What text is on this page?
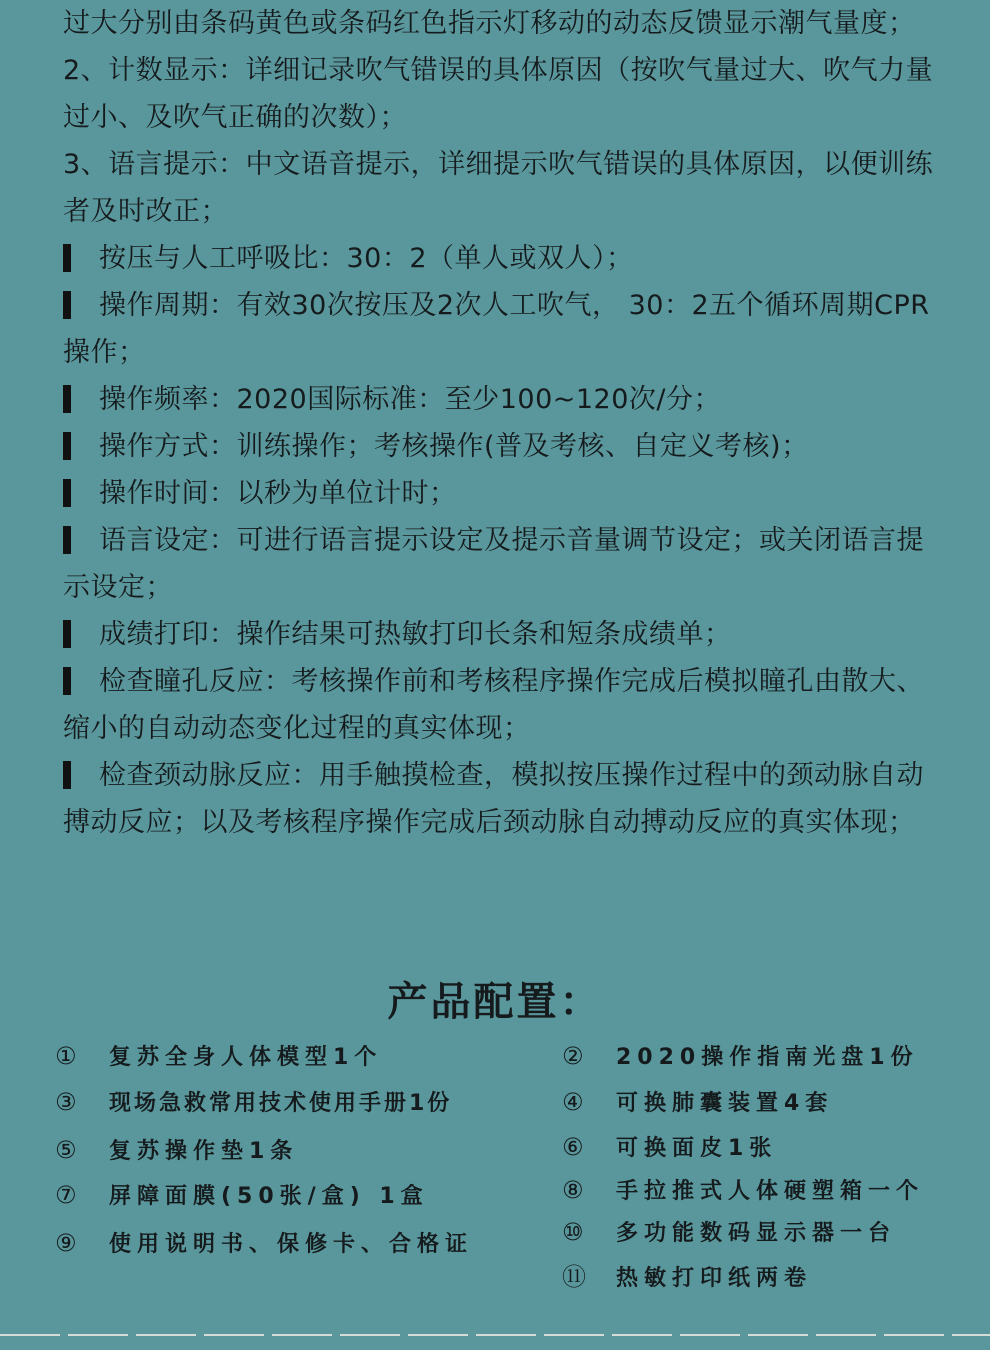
过大分别由条码黄色或条码红色指示灯移动的动态反馈显示潮气量度；

2、计数显示：详细记录吹气错误的具体原因（按吹气量过大、吹气力量过小、及吹气正确的次数）；

3、语言提示：中文语音提示，详细提示吹气错误的具体原因，以便训练者及时改正；

按压与人工呼吸比：30：2（单人或双人）；

操作周期：有效30次按压及2次人工吹气， 30：2五个循环周期CPR操作；

操作频率：2020国际标准：至少100~120次/分；

操作方式：训练操作；考核操作(普及考核、自定义考核)；

操作时间：以秒为单位计时；

语言设定：可进行语言提示设定及提示音量调节设定；或关闭语言提示设定；

成绩打印：操作结果可热敏打印长条和短条成绩单；

检查瞳孔反应：考核操作前和考核程序操作完成后模拟瞳孔由散大、缩小的自动动态变化过程的真实体现；

检查颈动脉反应：用手触摸检查，模拟按压操作过程中的颈动脉自动搏动反应；以及考核程序操作完成后颈动脉自动搏动反应的真实体现；

产品配置：

① 复苏全身人体模型1个	② 2020操作指南光盘1份

③ 现场急救常用技术使用手册1份	④ 可换肺囊装置4套

⑤ 复苏操作垫1条	⑥ 可换面皮1张

⑦ 屏障面膜(50张/盒) 1盒	⑧ 手拉推式人体硬塑箱一个

⑨ 使用说明书、保修卡、合格证	⑩ 多功能数码显示器一台

⑪ 热敏打印纸两卷
